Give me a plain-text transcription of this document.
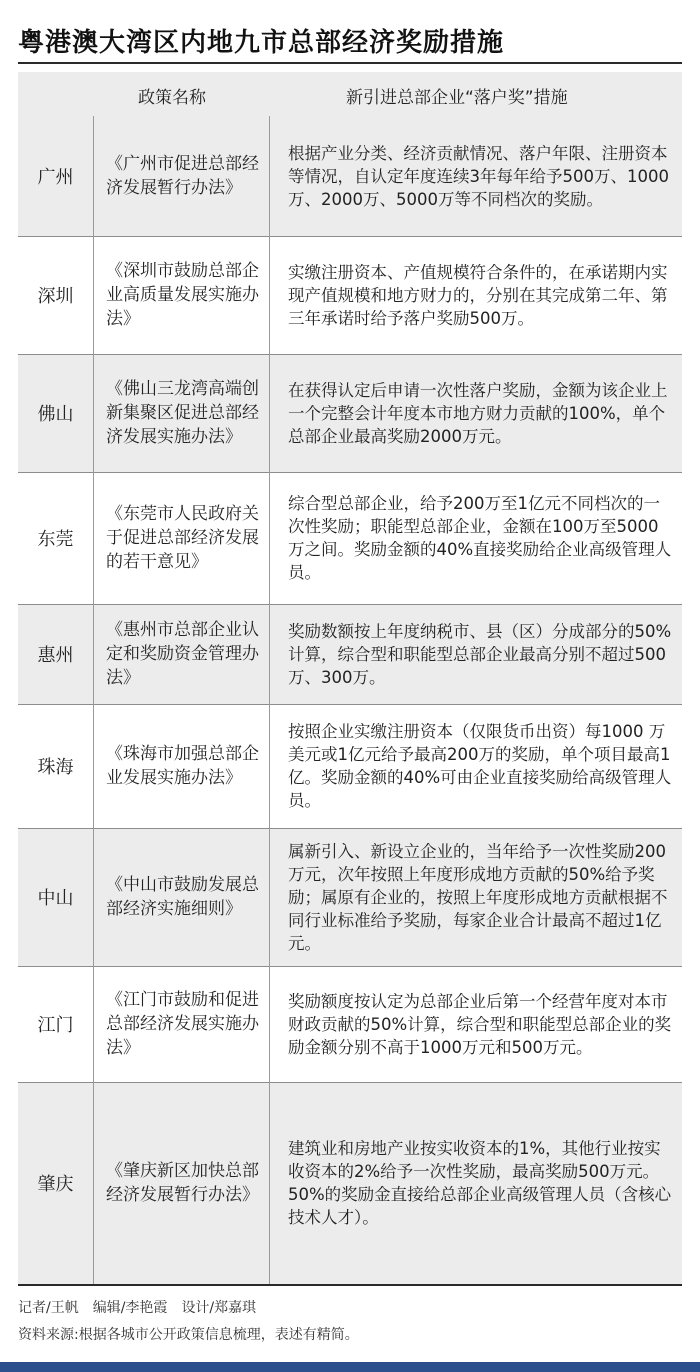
粤港澳大湾区内地九市总部经济奖励措施
政策名称	新引进总部企业“落户奖”措施
广州
《广州市促进总部经济发展暂行办法》
根据产业分类、经济贡献情况、落户年限、注册资本等情况，自认定年度连续3年每年给予500万、1000万、2000万、5000万等不同档次的奖励。
深圳
《深圳市鼓励总部企业高质量发展实施办法》
实缴注册资本、产值规模符合条件的，在承诺期内实现产值规模和地方财力的，分别在其完成第二年、第三年承诺时给予落户奖励500万。
佛山
《佛山三龙湾高端创新集聚区促进总部经济发展实施办法》
在获得认定后申请一次性落户奖励，金额为该企业上一个完整会计年度本市地方财力贡献的100%，单个总部企业最高奖励2000万元。
东莞
《东莞市人民政府关于促进总部经济发展的若干意见》
综合型总部企业，给予200万至1亿元不同档次的一次性奖励；职能型总部企业，金额在100万至5000万之间。奖励金额的40%直接奖励给企业高级管理人员。
惠州
《惠州市总部企业认定和奖励资金管理办法》
奖励数额按上年度纳税市、县（区）分成部分的50%计算，综合型和职能型总部企业最高分别不超过500万、300万。
珠海
《珠海市加强总部企业发展实施办法》
按照企业实缴注册资本（仅限货币出资）每1000 万美元或1亿元给予最高200万的奖励，单个项目最高1亿。奖励金额的40%可由企业直接奖励给高级管理人员。
中山
《中山市鼓励发展总部经济实施细则》
属新引入、新设立企业的，当年给予一次性奖励200万元，次年按照上年度形成地方贡献的50%给予奖励；属原有企业的，按照上年度形成地方贡献根据不同行业标准给予奖励，每家企业合计最高不超过1亿元。
江门
《江门市鼓励和促进总部经济发展实施办法》
奖励额度按认定为总部企业后第一个经营年度对本市财政贡献的50%计算，综合型和职能型总部企业的奖励金额分别不高于1000万元和500万元。
肇庆
《肇庆新区加快总部经济发展暂行办法》
建筑业和房地产业按实收资本的1%，其他行业按实收资本的2%给予一次性奖励，最高奖励500万元。50%的奖励金直接给总部企业高级管理人员（含核心技术人才）。
记者/王帆 编辑/李艳霞 设计/郑嘉琪
资料来源:根据各城市公开政策信息梳理，表述有精简。
